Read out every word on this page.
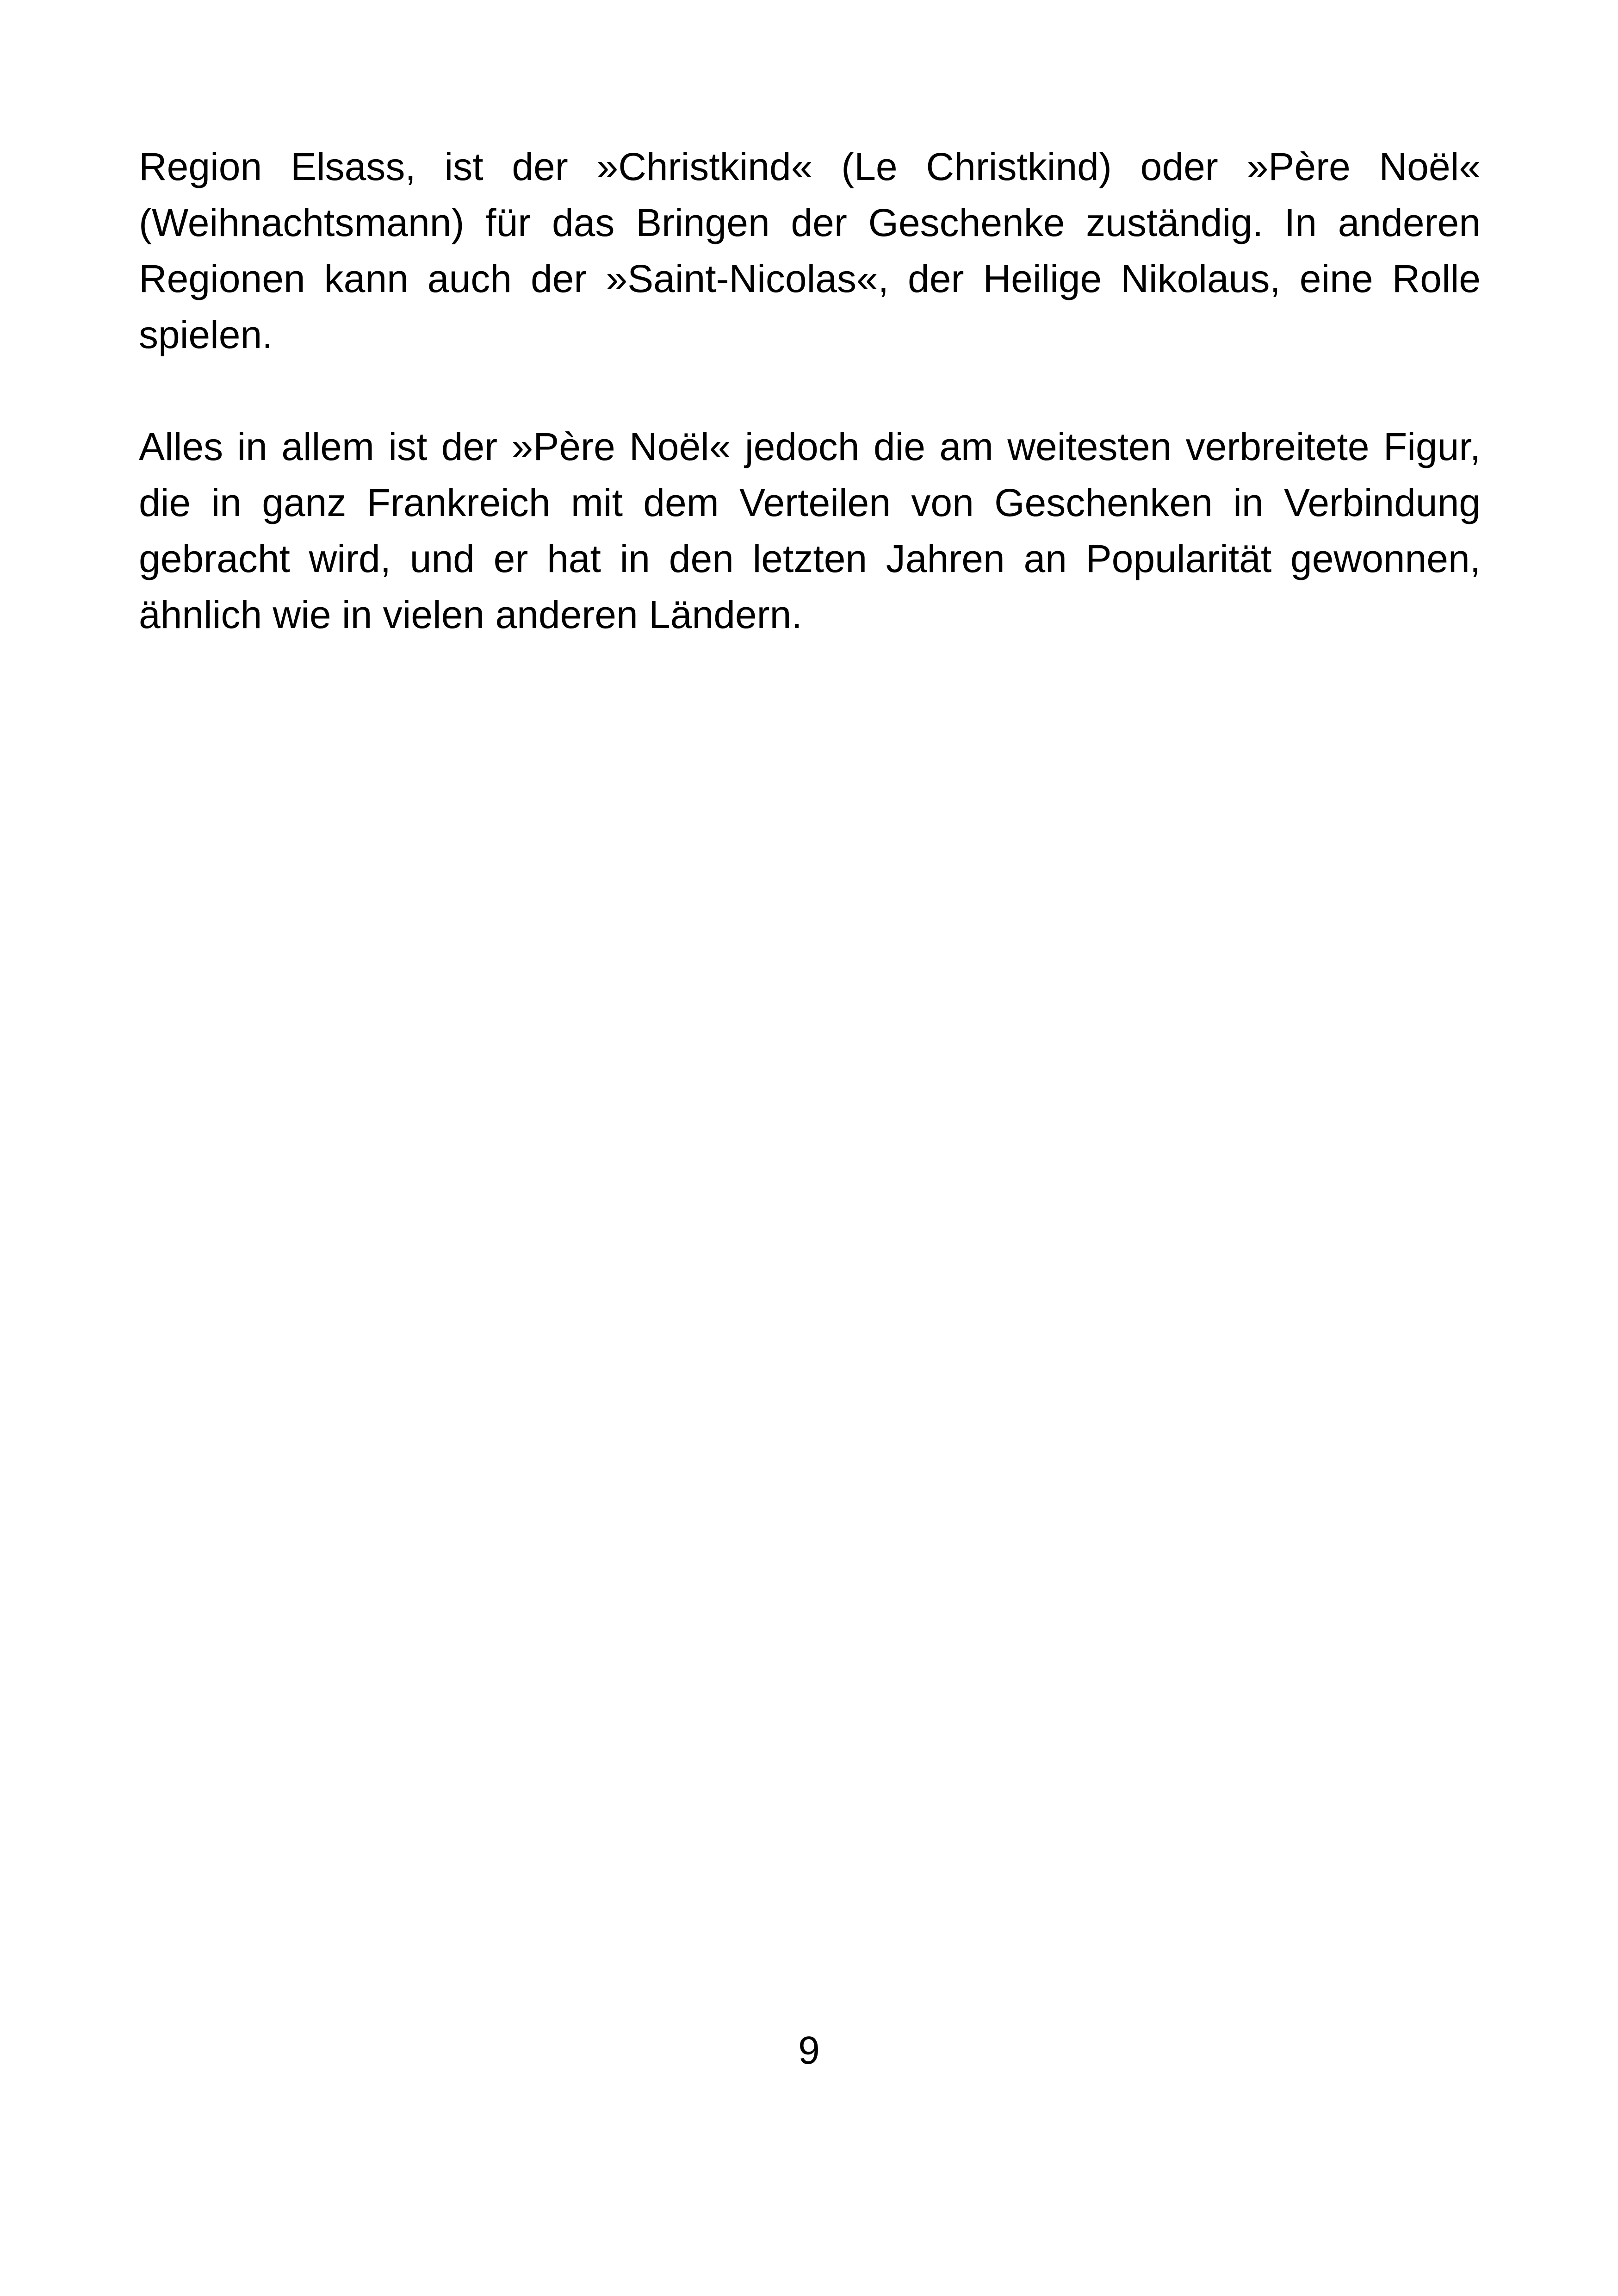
Region Elsass, ist der »Christkind« (Le Christkind) oder »Père Noël« (Weihnachtsmann) für das Bringen der Geschenke zuständig. In anderen Regionen kann auch der »Saint-Nicolas«, der Heilige Nikolaus, eine Rolle spielen.

Alles in allem ist der »Père Noël« jedoch die am weitesten verbreitete Figur, die in ganz Frankreich mit dem Verteilen von Geschenken in Verbindung gebracht wird, und er hat in den letzten Jahren an Popularität gewonnen, ähnlich wie in vielen anderen Ländern.

9
